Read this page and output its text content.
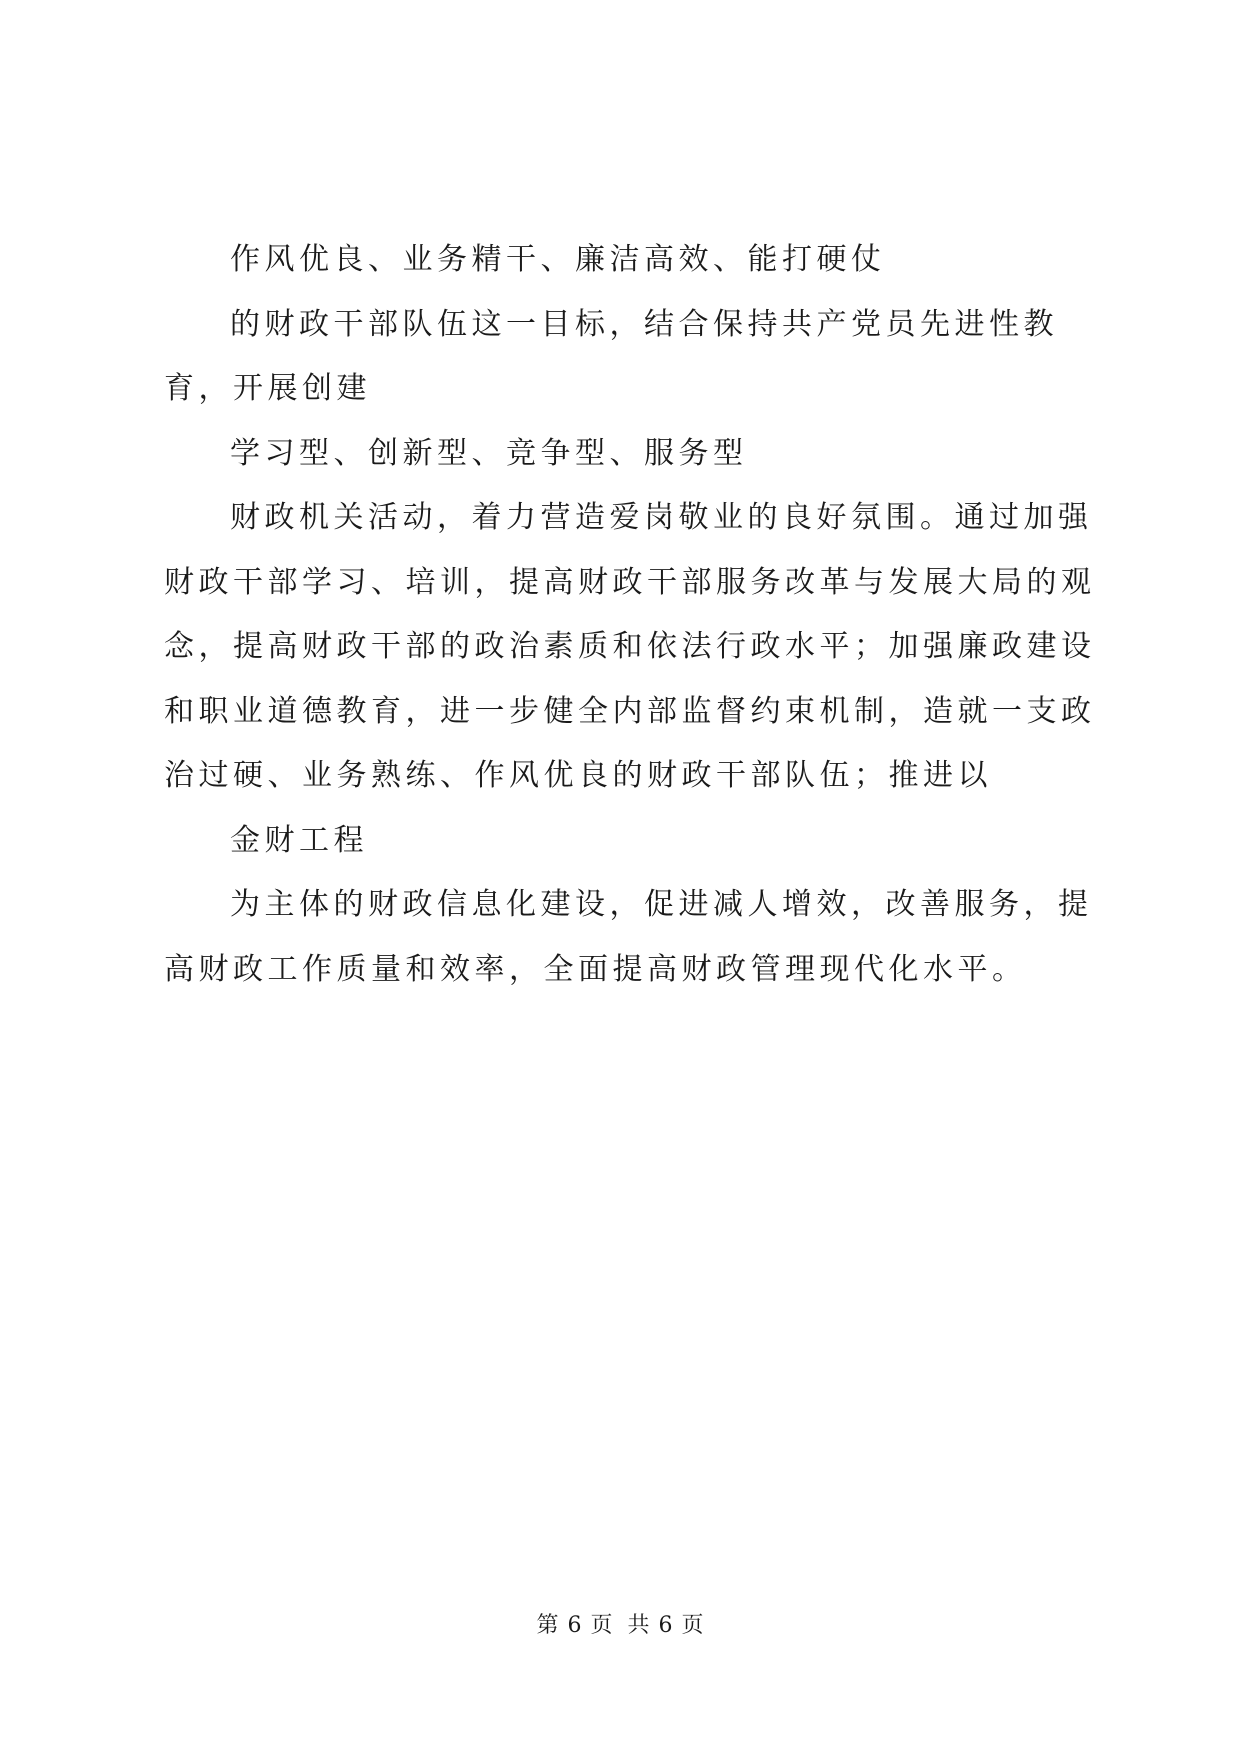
作风优良、业务精干、廉洁高效、能打硬仗

的财政干部队伍这一目标，结合保持共产党员先进性教育，开展创建

学习型、创新型、竞争型、服务型

财政机关活动，着力营造爱岗敬业的良好氛围。通过加强财政干部学习、培训，提高财政干部服务改革与发展大局的观念，提高财政干部的政治素质和依法行政水平；加强廉政建设和职业道德教育，进一步健全内部监督约束机制，造就一支政治过硬、业务熟练、作风优良的财政干部队伍；推进以

金财工程

为主体的财政信息化建设，促进减人增效，改善服务，提高财政工作质量和效率，全面提高财政管理现代化水平。

第 6 页 共 6 页
